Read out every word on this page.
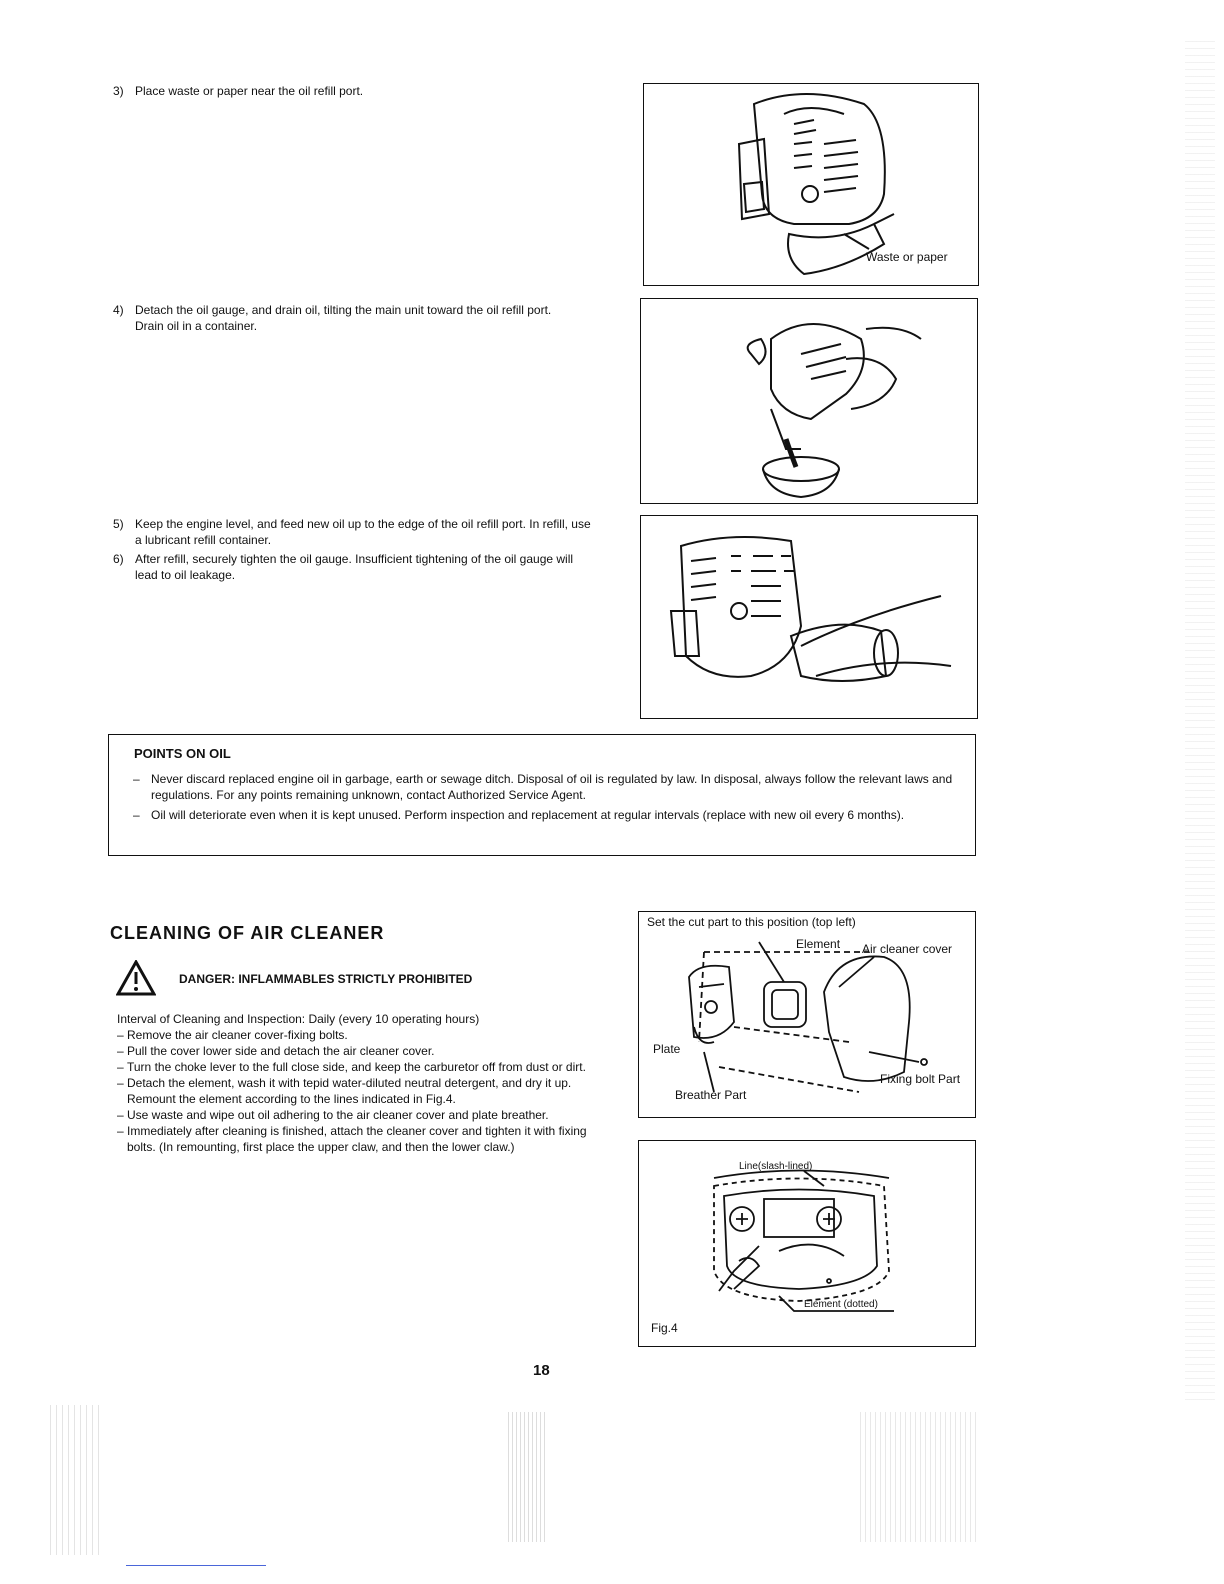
3) Place waste or paper near the oil refill port.
4) Detach the oil gauge, and drain oil, tilting the main unit toward the oil refill port.
Drain oil in a container.
5) Keep the engine level, and feed new oil up to the edge of the oil refill port. In refill, use a lubricant refill container.
6) After refill, securely tighten the oil gauge. Insufficient tightening of the oil gauge will lead to oil leakage.
Waste or paper
POINTS ON OIL
– Never discard replaced engine oil in garbage, earth or sewage ditch. Disposal of oil is regulated by law. In disposal, always follow the relevant laws and regulations. For any points remaining unknown, contact Authorized Service Agent.
– Oil will deteriorate even when it is kept unused. Perform inspection and replacement at regular intervals (replace with new oil every 6 months).
CLEANING OF AIR CLEANER
DANGER: INFLAMMABLES STRICTLY PROHIBITED
Interval of Cleaning and Inspection: Daily (every 10 operating hours)
– Remove the air cleaner cover-fixing bolts.
– Pull the cover lower side and detach the air cleaner cover.
– Turn the choke lever to the full close side, and keep the carburetor off from dust or dirt.
– Detach the element, wash it with tepid water-diluted neutral detergent, and dry it up. Remount the element according to the lines indicated in Fig.4.
– Use waste and wipe out oil adhering to the air cleaner cover and plate breather.
– Immediately after cleaning is finished, attach the cleaner cover and tighten it with fixing bolts. (In remounting, first place the upper claw, and then the lower claw.)
Set the cut part to this position (top left)
Element Air cleaner cover
Plate
Fixing bolt Part
Breather Part
Line(slash-lined)
Element (dotted)
Fig.4
18
